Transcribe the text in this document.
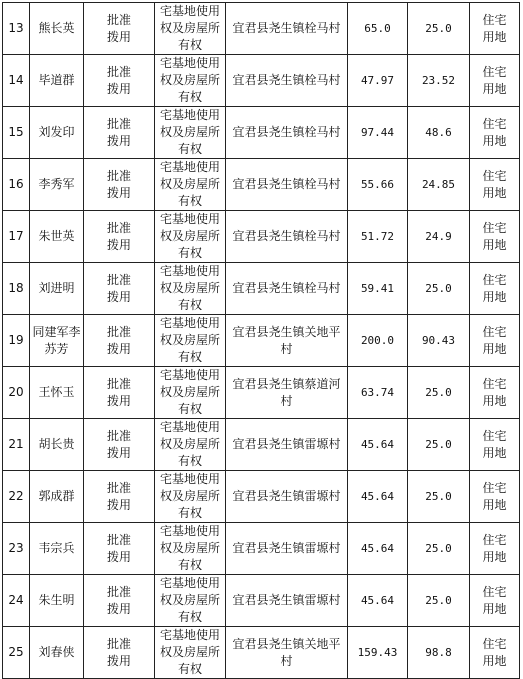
13	熊长英	批准拨用	宅基地使用权及房屋所有权	宜君县尧生镇栓马村	65.0	25.0	住宅用地
14	毕道群	批准拨用	宅基地使用权及房屋所有权	宜君县尧生镇栓马村	47.97	23.52	住宅用地
15	刘发印	批准拨用	宅基地使用权及房屋所有权	宜君县尧生镇栓马村	97.44	48.6	住宅用地
16	李秀军	批准拨用	宅基地使用权及房屋所有权	宜君县尧生镇栓马村	55.66	24.85	住宅用地
17	朱世英	批准拨用	宅基地使用权及房屋所有权	宜君县尧生镇栓马村	51.72	24.9	住宅用地
18	刘进明	批准拨用	宅基地使用权及房屋所有权	宜君县尧生镇栓马村	59.41	25.0	住宅用地
19	同建军李苏芳	批准拨用	宅基地使用权及房屋所有权	宜君县尧生镇关地平村	200.0	90.43	住宅用地
20	王怀玉	批准拨用	宅基地使用权及房屋所有权	宜君县尧生镇蔡道河村	63.74	25.0	住宅用地
21	胡长贵	批准拨用	宅基地使用权及房屋所有权	宜君县尧生镇雷塬村	45.64	25.0	住宅用地
22	郭成群	批准拨用	宅基地使用权及房屋所有权	宜君县尧生镇雷塬村	45.64	25.0	住宅用地
23	韦宗兵	批准拨用	宅基地使用权及房屋所有权	宜君县尧生镇雷塬村	45.64	25.0	住宅用地
24	朱生明	批准拨用	宅基地使用权及房屋所有权	宜君县尧生镇雷塬村	45.64	25.0	住宅用地
25	刘春侠	批准拨用	宅基地使用权及房屋所有权	宜君县尧生镇关地平村	159.43	98.8	住宅用地
